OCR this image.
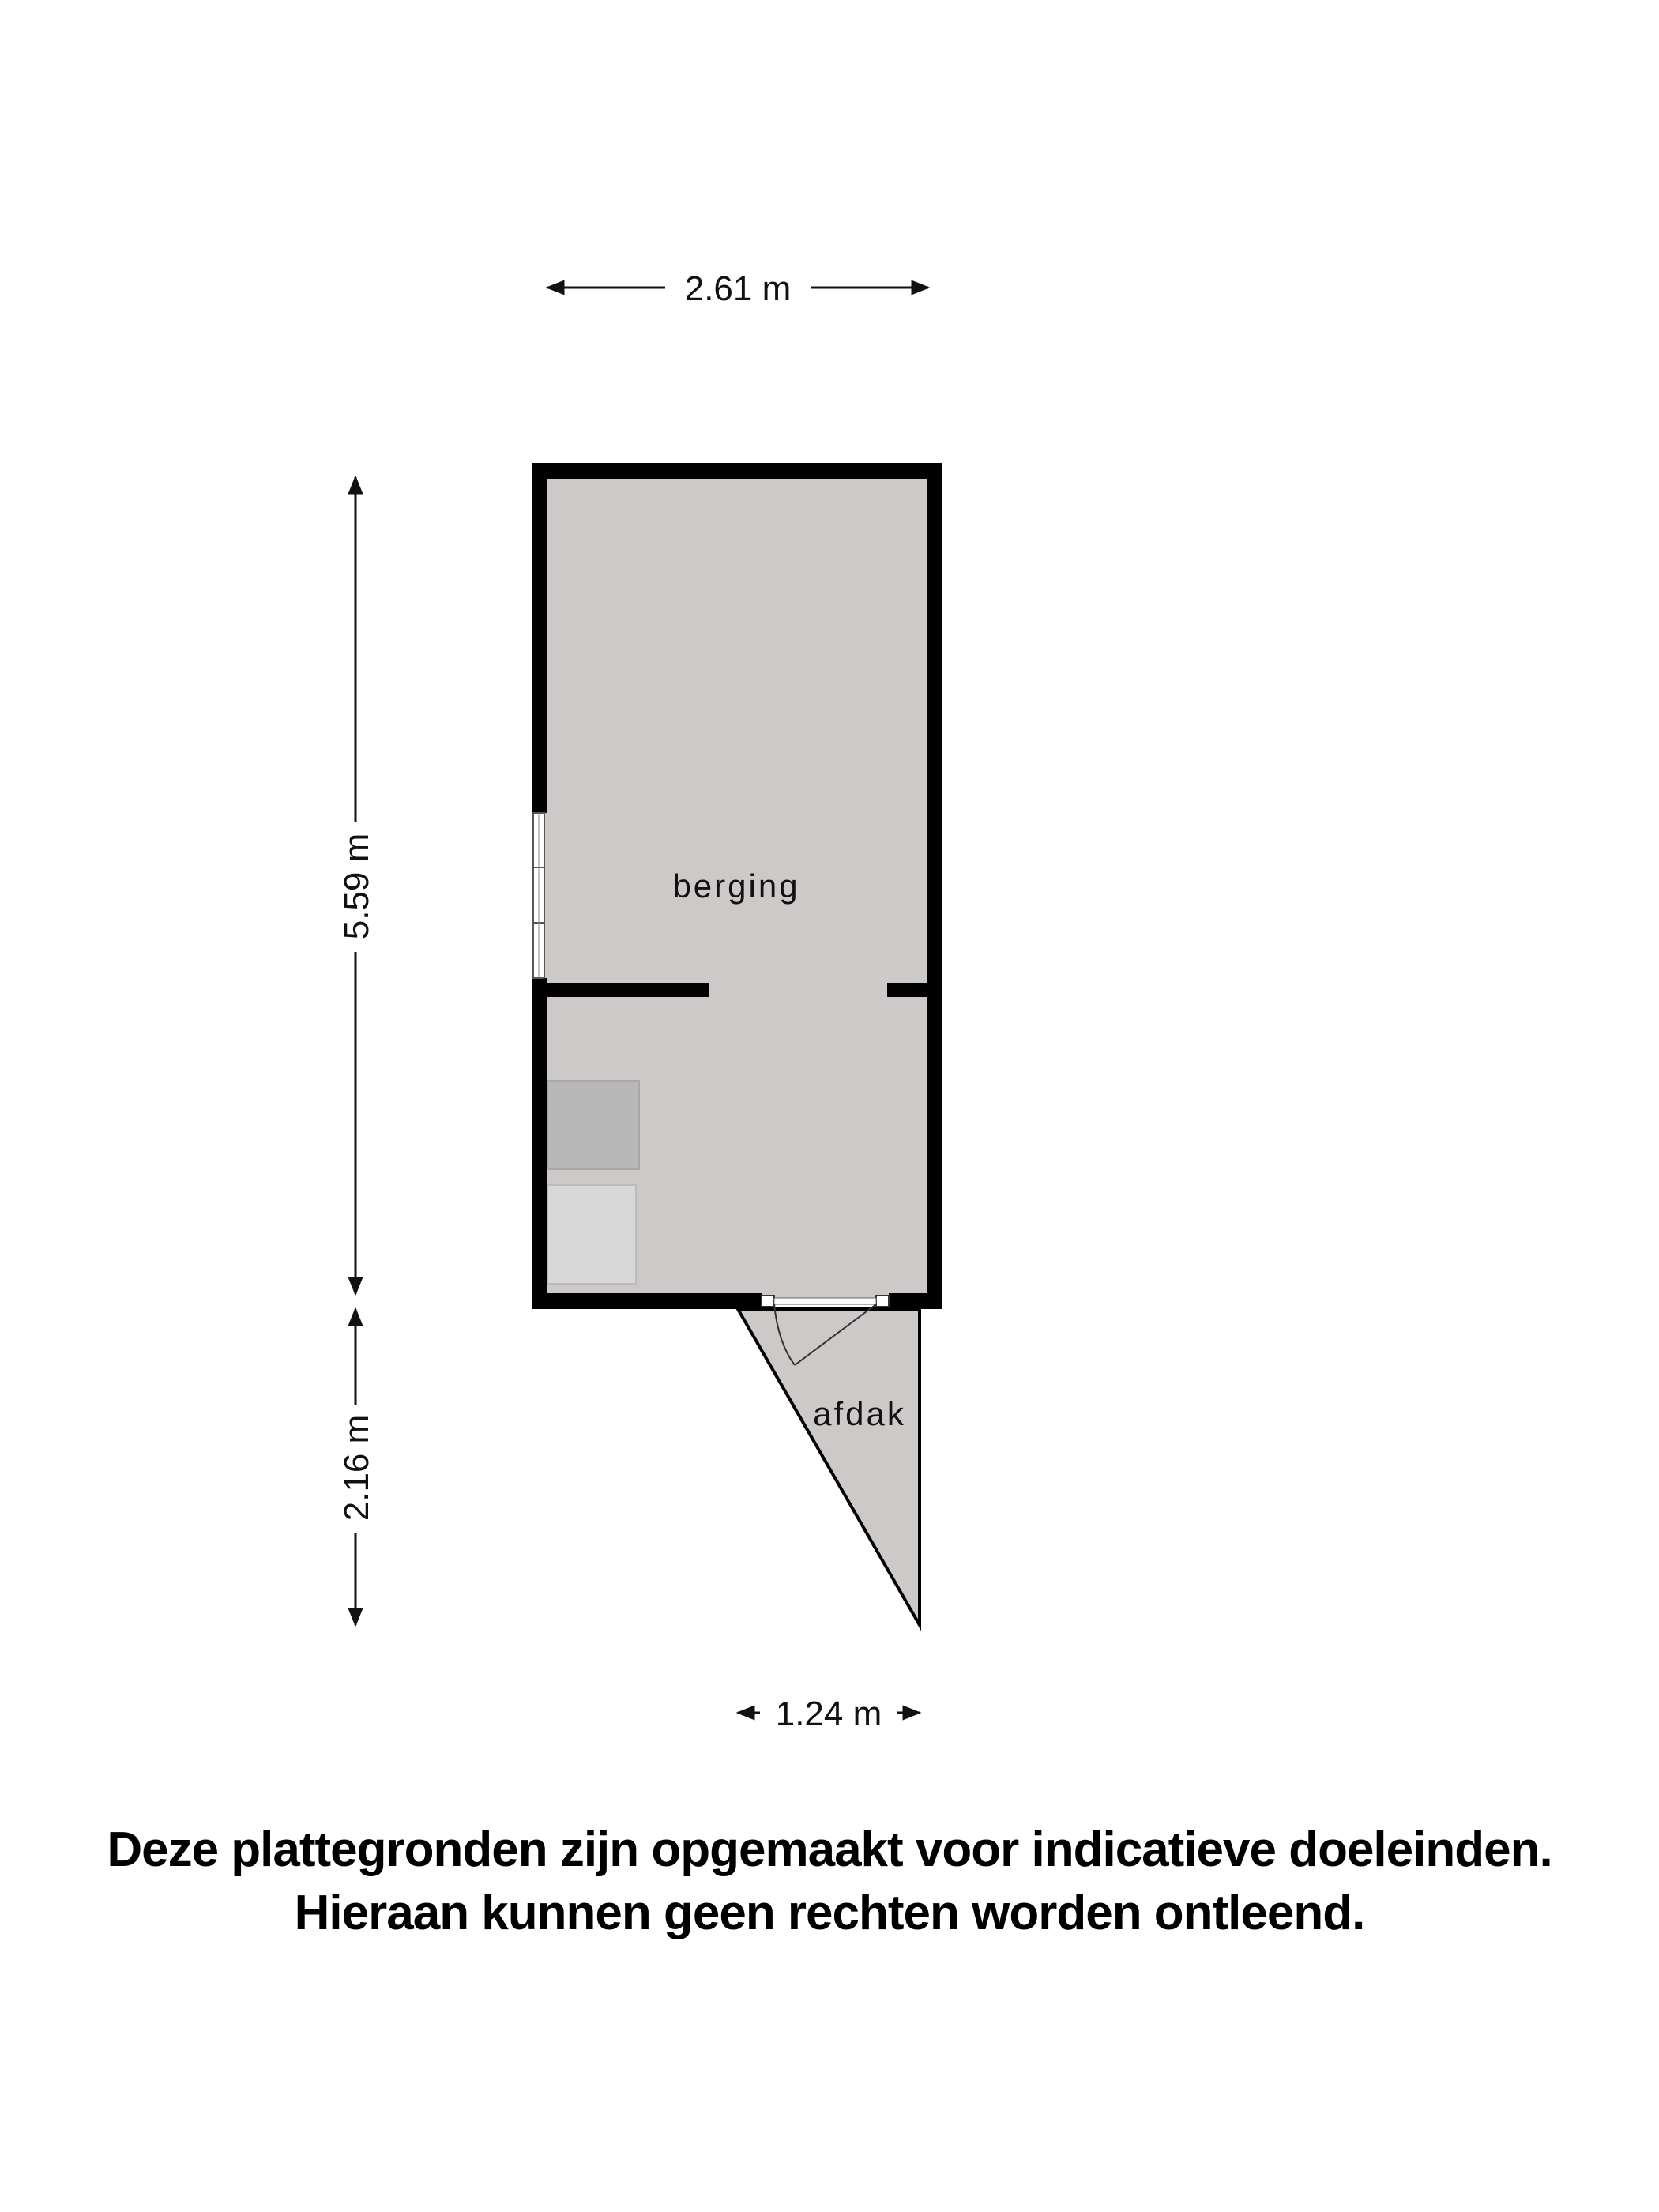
berging
afdak
2.61 m
5.59 m
2.16 m
1.24 m
Deze plattegronden zijn opgemaakt voor indicatieve doeleinden.
Hieraan kunnen geen rechten worden ontleend.
